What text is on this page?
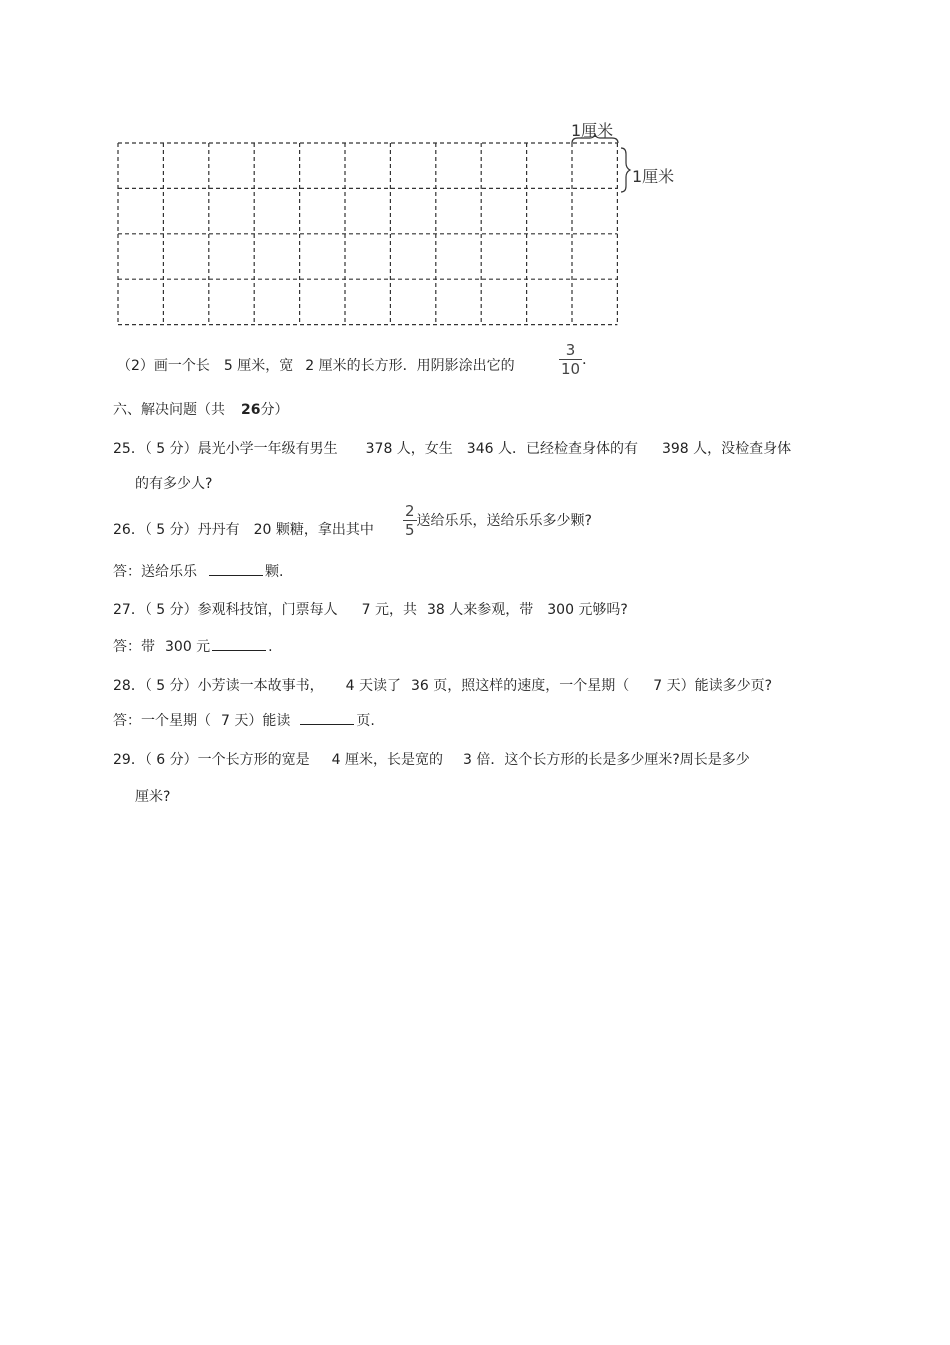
1厘米
1厘米
（2）画一个长 5 厘米，宽 2 厘米的长方形．用阴影涂出它的	$\frac{3}{10}$ ．
六、解决问题（共 26分）
25．（ 5 分）晨光小学一年级有男生 378 人，女生 346 人．已经检查身体的有 398 人，没检查身体
的有多少人?
26．（ 5 分）丹丹有 20 颗糖，拿出其中 $\frac{2}{5}$ 送给乐乐，送给乐乐多少颗?
答：送给乐乐	颗.
27．（ 5 分）参观科技馆，门票每人 7 元，共 38 人来参观，带 300 元够吗?
答：带 300 元	.
28．（ 5 分）小芳读一本故事书， 4 天读了 36 页，照这样的速度，一个星期（ 7 天）能读多少页?
答：一个星期（ 7 天）能读	页.
29．（ 6 分）一个长方形的宽是 4 厘米，长是宽的 3 倍．这个长方形的长是多少厘米?周长是多少
厘米?
